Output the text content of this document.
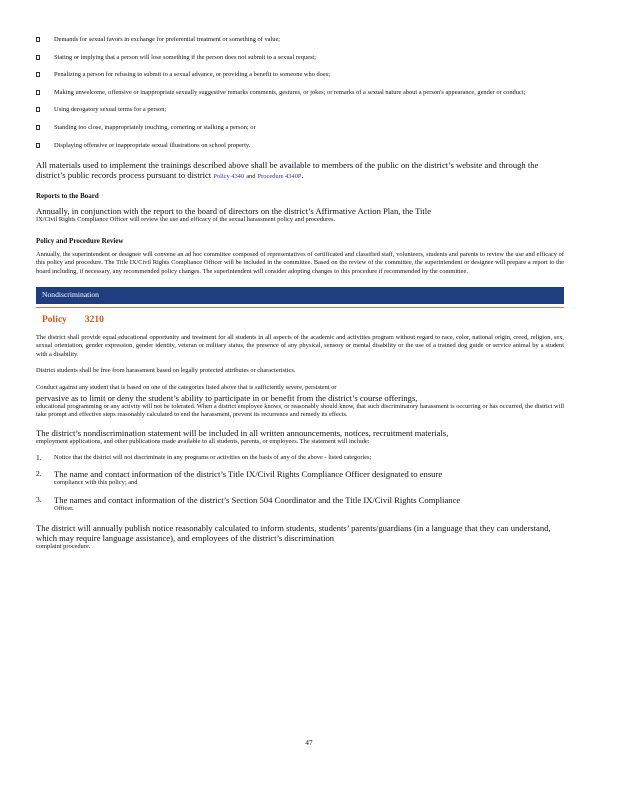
Demands for sexual favors in exchange for preferential treatment or something of value;
Stating or implying that a person will lose something if the person does not submit to a sexual request;
Penalizing a person for refusing to submit to a sexual advance, or providing a benefit to someone who does;
Making unwelcome, offensive or inappropriate sexually suggestive remarks comments, gestures, or jokes; or remarks of a sexual nature about a person's appearance, gender or conduct;
Using derogatory sexual terms for a person;
Standing too close, inappropriately touching, cornering or stalking a person; or
Displaying offensive or inappropriate sexual illustrations on school property.

All materials used to implement the trainings described above shall be available to members of the public on the district’s website and through the district’s public records process pursuant to district Policy 4340 and Procedure 4340P.

Reports to the Board
Annually, in conjunction with the report to the board of directors on the district’s Affirmative Action Plan, the Title
IX/Civil Rights Compliance Officer will review the use and efficacy of the sexual harassment policy and procedures.
Policy and Procedure Review
Annually, the superintendent or designee will convene an ad hoc committee composed of representatives of certificated and classified staff, volunteers, students and parents to review the use and efficacy of this policy and procedure. The Title IX/Civil Rights Compliance Officer will be included in the committee. Based on the review of the committee, the superintendent or designee will prepare a report to the board including, if necessary, any recommended policy changes. The superintendent will consider adopting changes to this procedure if recommended by the committee.
Nondiscrimination
Policy 3210
The district shall provide equal educational opportunity and treatment for all students in all aspects of the academic and activities program without regard to race, color, national origin, creed, religion, sex, sexual orientation, gender expression, gender identity, veteran or military status, the presence of any physical, sensory or mental disability or the use of a trained dog guide or service animal by a student with a disability.
District students shall be free from harassment based on legally protected attributes or characteristics.
Conduct against any student that is based on one of the categories listed above that is sufficiently severe, persistent or
pervasive as to limit or deny the student’s ability to participate in or benefit from the district’s course offerings,
educational programming or any activity will not be tolerated. When a district employee knows, or reasonably should know, that such discriminatory harassment is occurring or has occurred, the district will take prompt and effective steps reasonably calculated to end the harassment, prevent its recurrence and remedy its effects.
The district’s nondiscrimination statement will be included in all written announcements, notices, recruitment materials,
employment applications, and other publications made available to all students, parents, or employees. The statement will include:
1. Notice that the district will not discriminate in any programs or activities on the basis of any of the above - listed categories;
2. The name and contact information of the district’s Title IX/Civil Rights Compliance Officer designated to ensure
compliance with this policy; and
3. The names and contact information of the district’s Section 504 Coordinator and the Title IX/Civil Rights Compliance
Officer.
The district will annually publish notice reasonably calculated to inform students, students’ parents/guardians (in a language that they can understand, which may require language assistance), and employees of the district’s discrimination
complaint procedure.
47
